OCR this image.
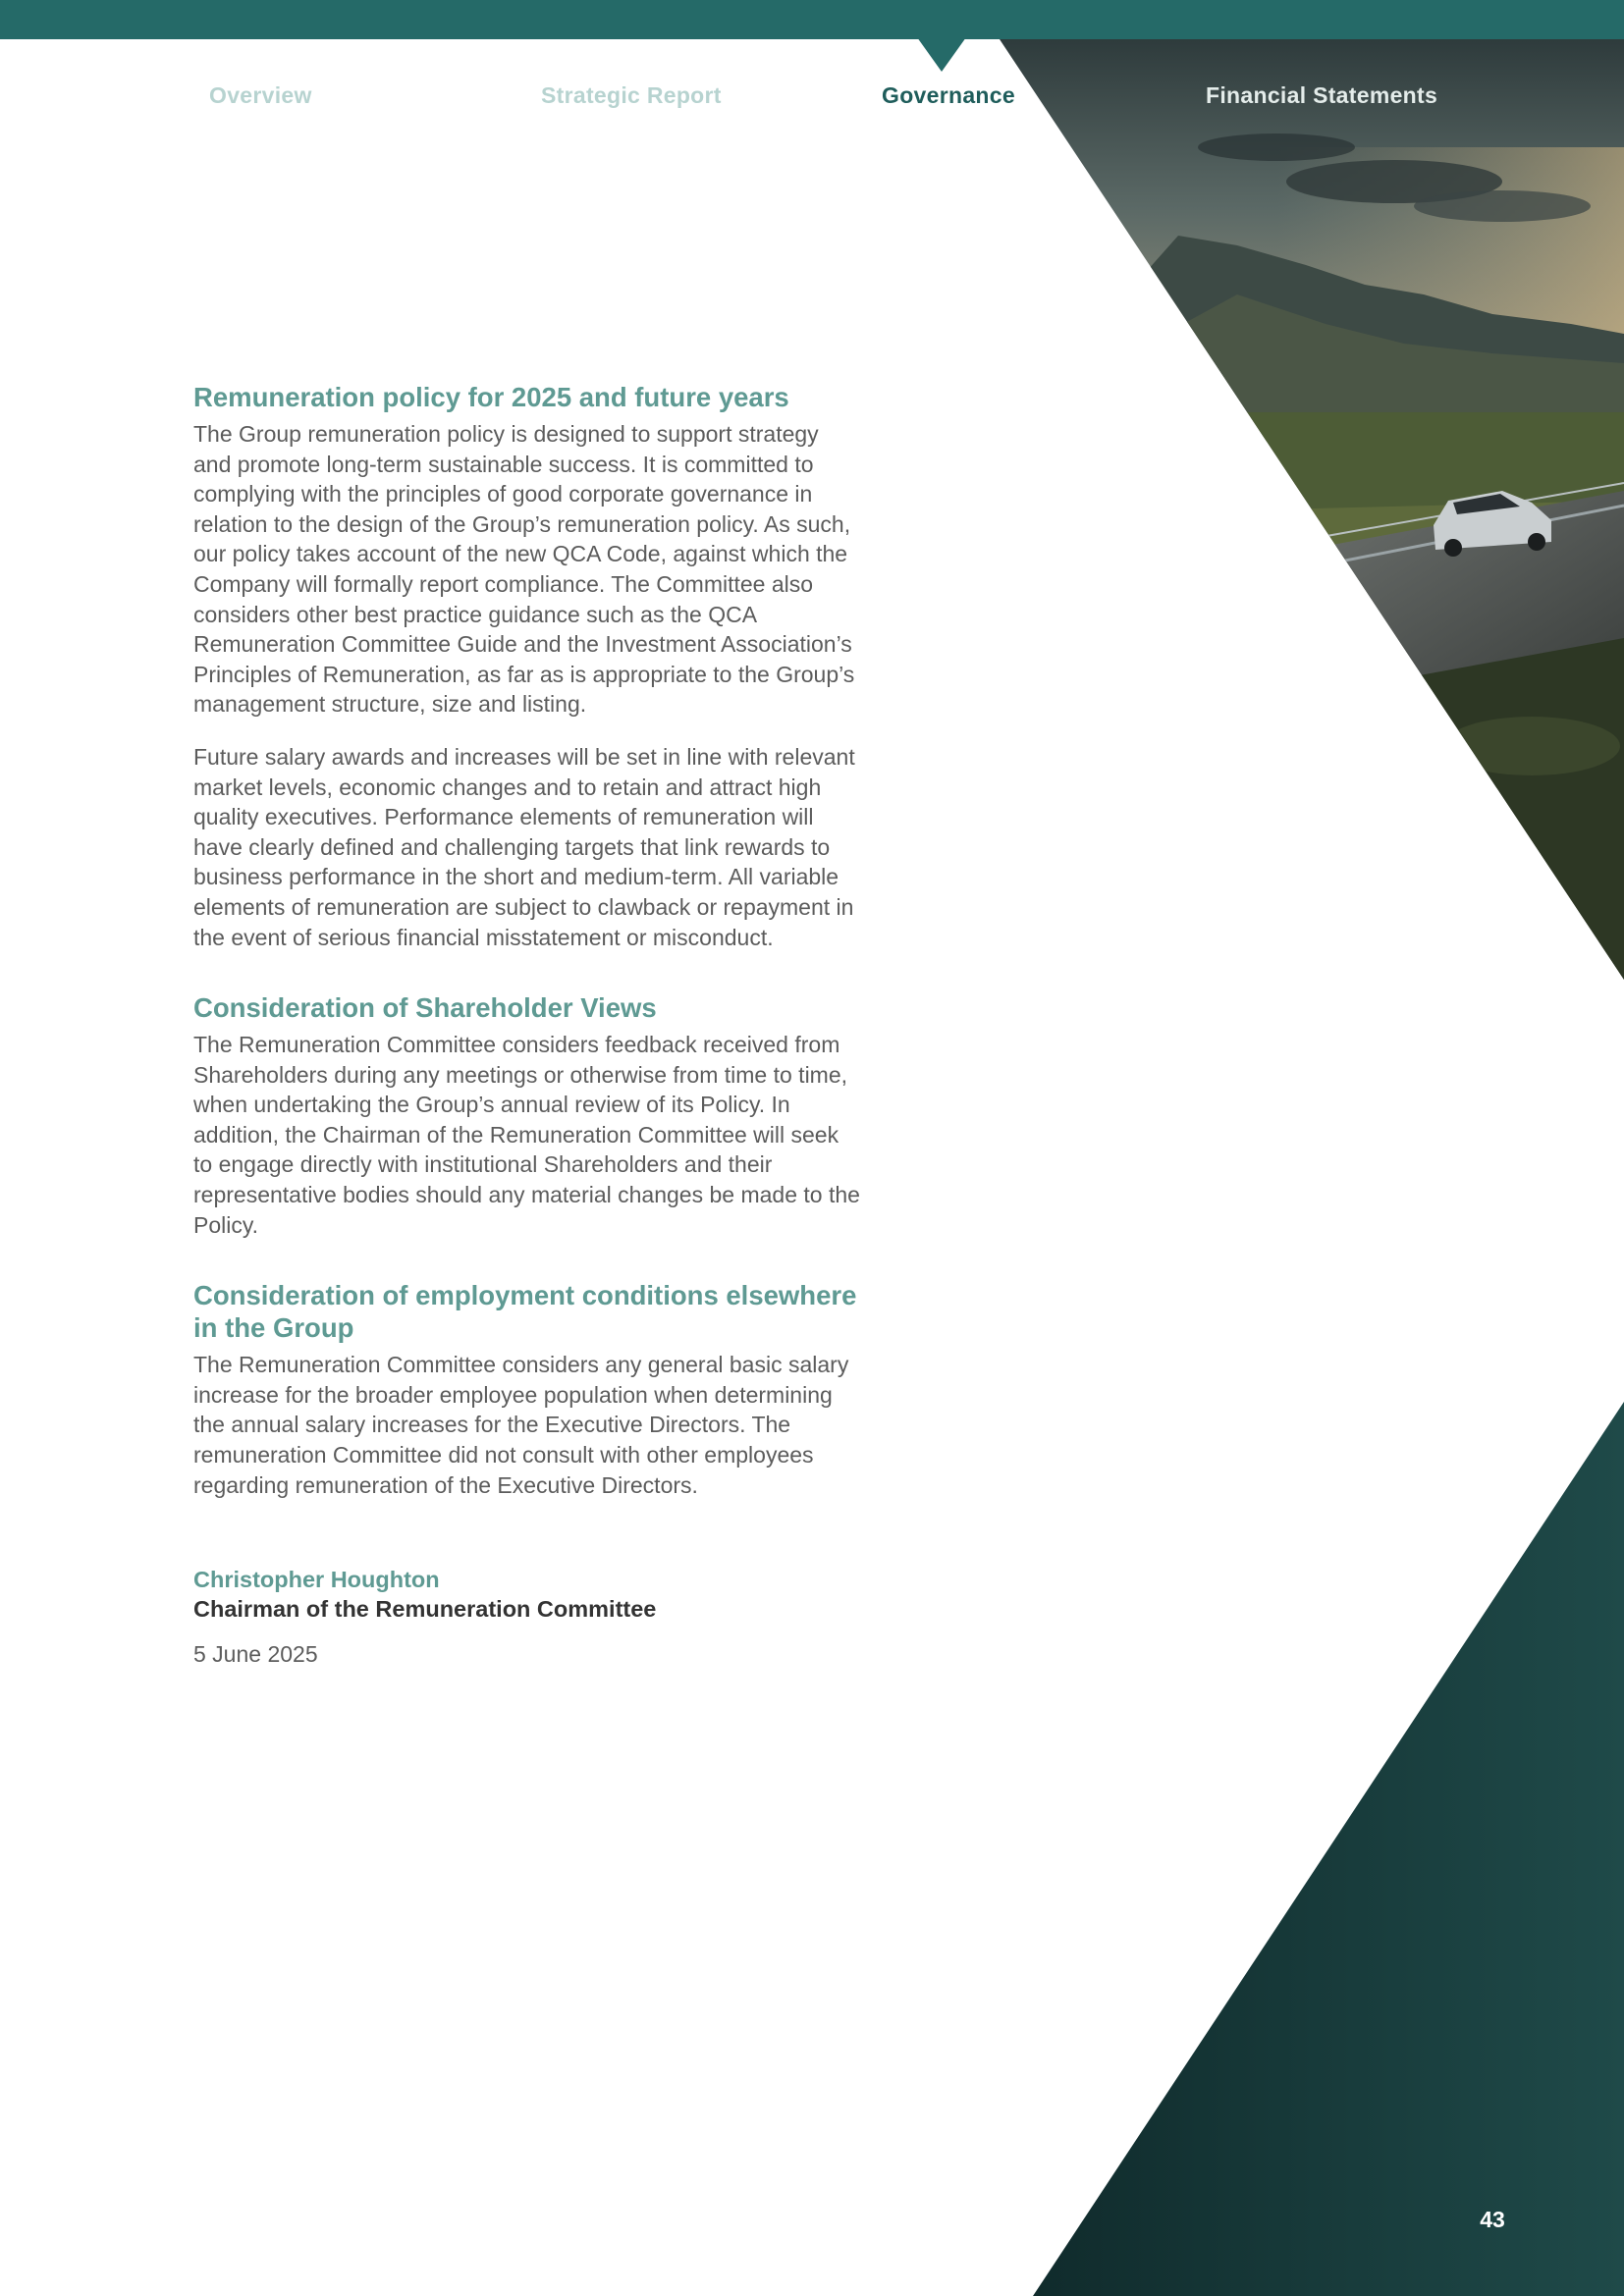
Overview	Strategic Report	Governance	Financial Statements
Remuneration policy for 2025 and future years

The Group remuneration policy is designed to support strategy and promote long-term sustainable success. It is committed to complying with the principles of good corporate governance in relation to the design of the Group’s remuneration policy. As such, our policy takes account of the new QCA Code, against which the Company will formally report compliance. The Committee also considers other best practice guidance such as the QCA Remuneration Committee Guide and the Investment Association’s Principles of Remuneration, as far as is appropriate to the Group’s management structure, size and listing.

Future salary awards and increases will be set in line with relevant market levels, economic changes and to retain and attract high quality executives. Performance elements of remuneration will have clearly defined and challenging targets that link rewards to business performance in the short and medium-term. All variable elements of remuneration are subject to clawback or repayment in the event of serious financial misstatement or misconduct.

Consideration of Shareholder Views

The Remuneration Committee considers feedback received from Shareholders during any meetings or otherwise from time to time, when undertaking the Group’s annual review of its Policy. In addition, the Chairman of the Remuneration Committee will seek to engage directly with institutional Shareholders and their representative bodies should any material changes be made to the Policy.

Consideration of employment conditions elsewhere in the Group

The Remuneration Committee considers any general basic salary increase for the broader employee population when determining the annual salary increases for the Executive Directors. The remuneration Committee did not consult with other employees regarding remuneration of the Executive Directors.

Christopher Houghton
Chairman of the Remuneration Committee
5 June 2025
43
